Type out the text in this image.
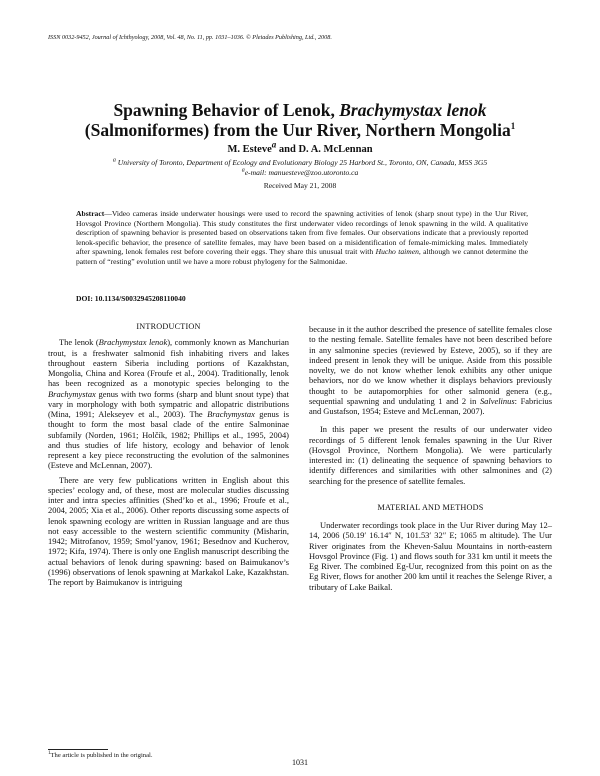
ISSN 0032-9452, Journal of Ichthyology, 2008, Vol. 48, No. 11, pp. 1031–1036. © Pleiades Publishing, Ltd., 2008.
Spawning Behavior of Lenok, Brachymystax lenok
(Salmoniformes) from the Uur River, Northern Mongolia$^1$
M. Estevea and D. A. McLennan
$^a$ University of Toronto, Department of Ecology and Evolutionary Biology 25 Harbord St., Toronto, ON, Canada, M5S 3G5
$^a$e-mail: manuesteve@zoo.utoronto.ca
Received May 21, 2008
Abstract—Video cameras inside underwater housings were used to record the spawning activities of lenok (sharp snout type) in the Uur River, Hovsgol Province (Northern Mongolia). This study constitutes the first underwater video recordings of lenok spawning in the wild. A qualitative description of spawning behavior is presented based on observations taken from five females. Our observations indicate that a previously reported lenok-specific behavior, the presence of satellite females, may have been based on a misidentification of female-mimicking males. Immediately after spawning, lenok females rest before covering their eggs. They share this unusual trait with Hucho taimen, although we cannot determine the pattern of “resting” evolution until we have a more robust phylogeny for the Salmonidae.
DOI: 10.1134/S0032945208110040
INTRODUCTION

The lenok (Brachymystax lenok), commonly known as Manchurian trout, is a freshwater salmonid fish inhabiting rivers and lakes throughout eastern Siberia including portions of Kazakhstan, Mongolia, China and Korea (Froufe et al., 2004). Traditionally, lenok has been recognized as a monotypic species belonging to the Brachymystax genus with two forms (sharp and blunt snout type) that vary in morphology with both sympatric and allopatric distributions (Mina, 1991; Alekseyev et al., 2003). The Brachymystax genus is thought to form the most basal clade of the entire Salmoninae subfamily (Norden, 1961; Holčík, 1982; Phillips et al., 1995, 2004) and thus studies of life history, ecology and behavior of lenok represent a key piece reconstructing the evolution of the salmonines (Esteve and McLennan, 2007).

There are very few publications written in English about this species’ ecology and, of these, most are molecular studies discussing inter and intra species affinities (Shed’ko et al., 1996; Froufe et al., 2004, 2005; Xia et al., 2006). Other reports discussing some aspects of lenok spawning ecology are written in Russian language and are thus not easy accessible to the western scientific community (Misharin, 1942; Mitrofanov, 1959; Smol’yanov, 1961; Besednov and Kucherov, 1972; Kifa, 1974). There is only one English manuscript describing the actual behaviors of lenok during spawning: based on Baimukanov’s (1996) observations of lenok spawning at Markakol Lake, Kazakhstan. The report by Baimukanov is intriguing

because in it the author described the presence of satellite females close to the nesting female. Satellite females have not been described before in any salmonine species (reviewed by Esteve, 2005), so if they are indeed present in lenok they will be unique. Aside from this possible novelty, we do not know whether lenok exhibits any other unique behaviors, nor do we know whether it displays behaviors previously thought to be autapomorphies for other salmonid genera (e.g., sequential spawning and undulating 1 and 2 in Salvelinus: Fabricius and Gustafson, 1954; Esteve and McLennan, 2007).

In this paper we present the results of our underwater video recordings of 5 different lenok females spawning in the Uur River (Hovsgol Province, Northern Mongolia). We were particularly interested in: (1) delineating the sequence of spawning behaviors to identify differences and similarities with other salmonines and (2) searching for the presence of satellite females.

MATERIAL AND METHODS

Underwater recordings took place in the Uur River during May 12–14, 2006 (50.19′ 16.14″ N, 101.53′ 32″ E; 1065 m altitude). The Uur River originates from the Kheven-Saluu Mountains in north-eastern Hovsgol Province (Fig. 1) and flows south for 331 km until it meets the Eg River. The combined Eg-Uur, recognized from this point on as the Eg River, flows for another 200 km until it reaches the Selenge River, a tributary of Lake Baikal.

$^1$The article is published in the original.
1031
